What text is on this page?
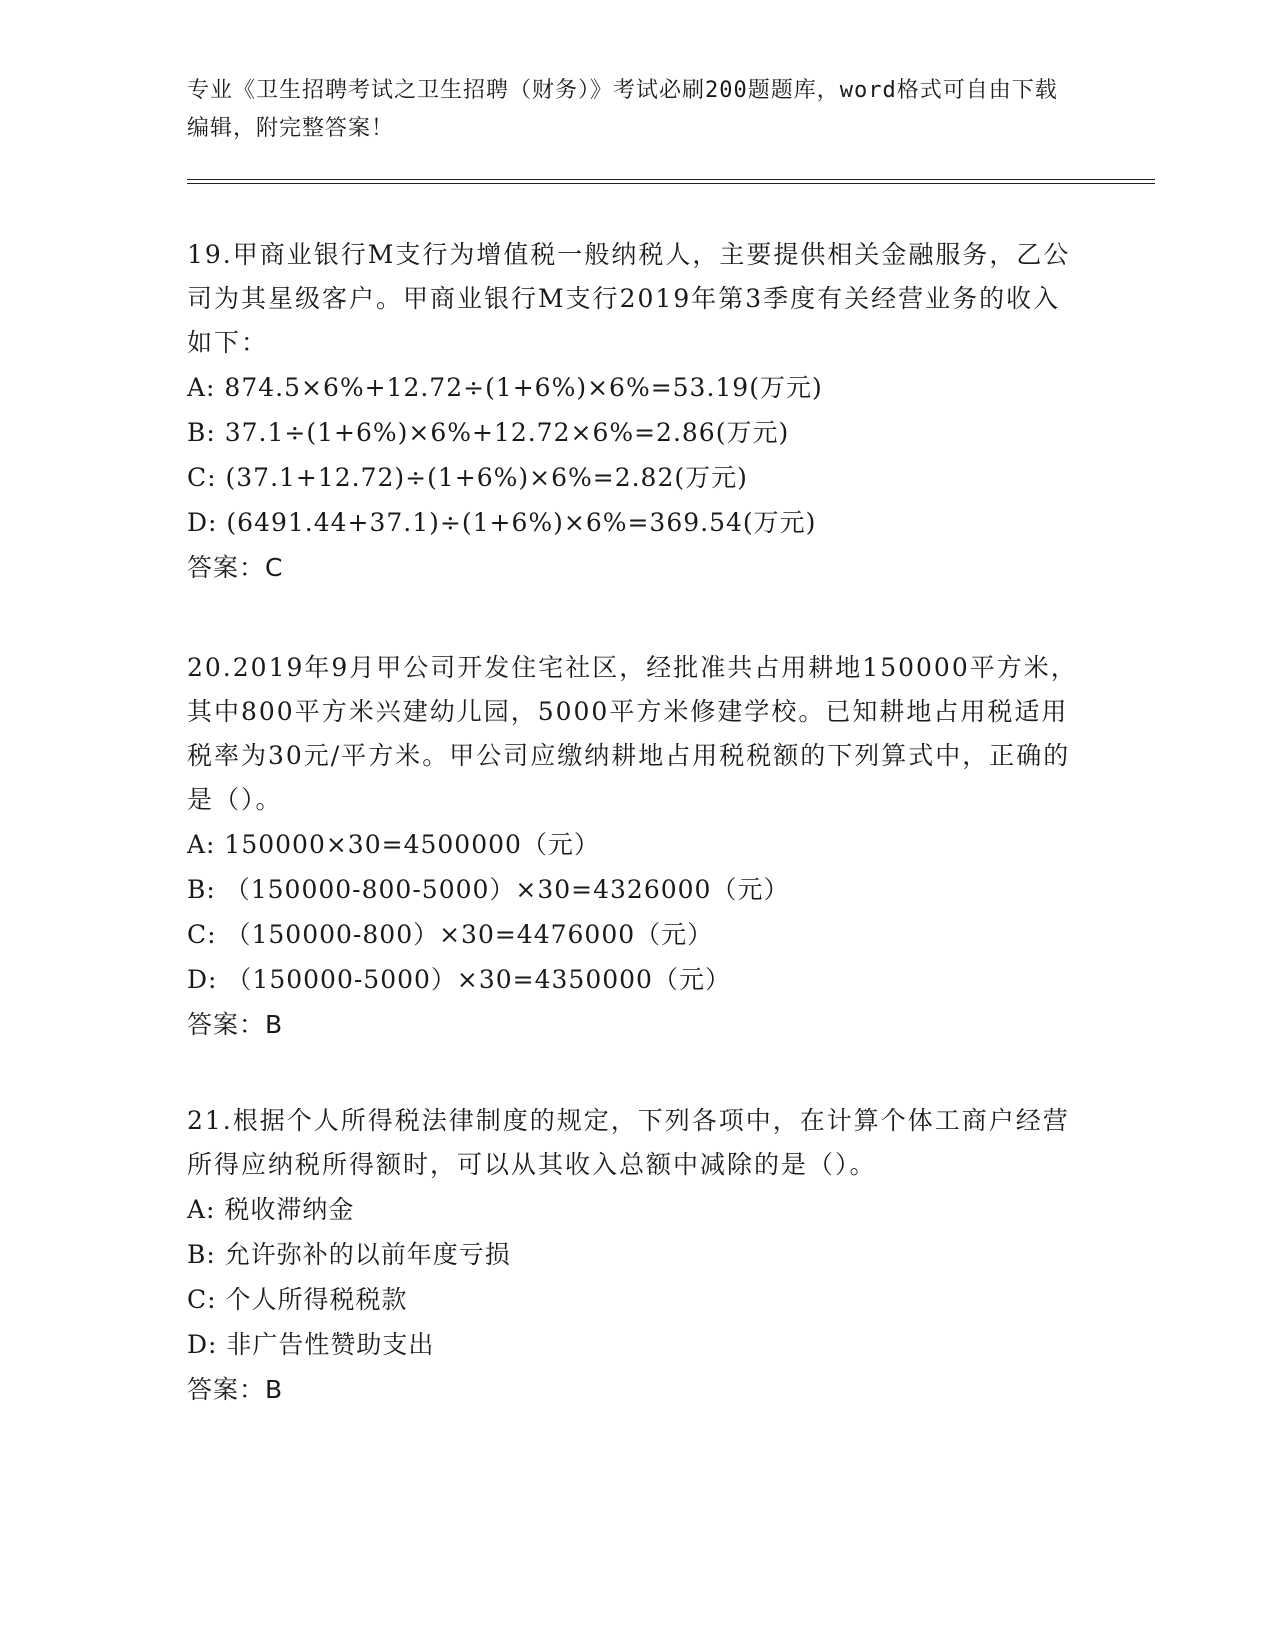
专业《卫生招聘考试之卫生招聘（财务）》考试必刷200题题库，word格式可自由下载编辑，附完整答案！

19.甲商业银行M支行为增值税一般纳税人，主要提供相关金融服务，乙公司为其星级客户。甲商业银行M支行2019年第3季度有关经营业务的收入如下：

A: 874.5×6%+12.72÷(1+6%)×6%=53.19(万元)

B: 37.1÷(1+6%)×6%+12.72×6%=2.86(万元)

C: (37.1+12.72)÷(1+6%)×6%=2.82(万元)

D: (6491.44+37.1)÷(1+6%)×6%=369.54(万元)

答案：C

20.2019年9月甲公司开发住宅社区，经批准共占用耕地150000平方米，其中800平方米兴建幼儿园，5000平方米修建学校。已知耕地占用税适用税率为30元/平方米。甲公司应缴纳耕地占用税税额的下列算式中，正确的是（）。

A: 150000×30=4500000（元）

B: （150000-800-5000）×30=4326000（元）

C: （150000-800）×30=4476000（元）

D: （150000-5000）×30=4350000（元）

答案：B

21.根据个人所得税法律制度的规定，下列各项中，在计算个体工商户经营所得应纳税所得额时，可以从其收入总额中减除的是（）。

A: 税收滞纳金

B: 允许弥补的以前年度亏损

C: 个人所得税税款

D: 非广告性赞助支出

答案：B
